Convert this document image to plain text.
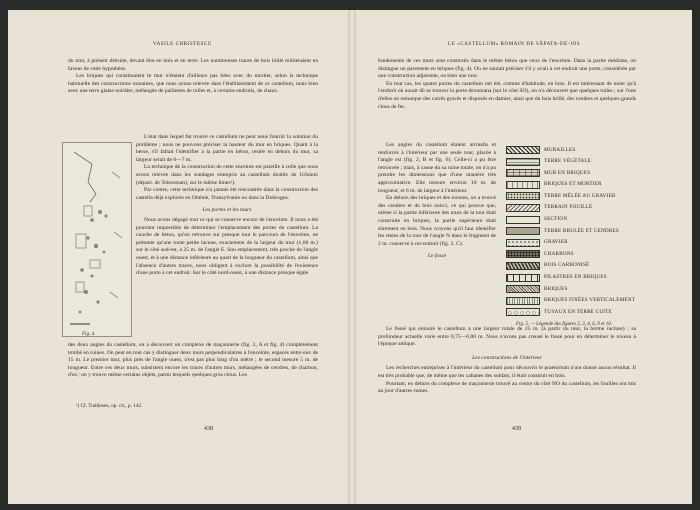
VASILE CHRISTESCU

du mur, à présent détruite, devant être en bois et en terre. Les nombreuses traces de bois brûlé militeraient en faveur de cette hypothèse.

Les briques qui constituaient le mur n'étaient d'ailleurs pas liées avec du mortier, selon la technique habituelle des constructions romaines, que nous avons relevée dans l'établissement de ce castellum, mais bien avec une terre glaise noirâtre, mélangée de paillettes de tuiles et, à certains endroits, de chaux.

L'état dans lequel fut trouvé ce castellum ne peut nous fournir la solution du problème ; nous ne pouvons préciser la hauteur du mur en briques. Quant à la herse, s'il fallait l'identifier à la partie en béton, restée en dehors du mur, sa largeur serait de 6—7 m.

La technique de la construction de cette enceinte est pareille à celle que nous avons relevée dans les sondages entrepris au castellum double de Urluieni (départ. de Teleorman), sur le même limes¹).

Par contre, cette technique n'a jamais été rencontrée dans la construction des castella déjà explorés en Olténie, Transylvanie ou dans la Dobrogea.

Les portes et les tours

Nous avons dégagé tout ce qui se conserve encore de l'enceinte. Il nous a été pourtant impossible de déterminer l'emplacement des portes du castellum. La couche de béton, qu'on retrouve sur presque tout le parcours de l'enceinte, ne présente qu'une toute petite lacune, exactement de la largeur du mur (1,60 m.) sur le côté sud-est, à 25 m. de l'angle E. Son emplacement, très proche de l'angle ouest, et à une distance inférieure au quart de la longueur du castellum, ainsi que l'absence d'autres traces, nous obligent à exclure la possibilité de l'existence d'une porte à cet endroit. Sur le côté nord-ouest, à une distance presque égale

Fig. 4.

des deux angles du castellum, on a découvert un complexe de maçonnerie (fig. 2, A et fig. 4) complètement tombé en ruines. On peut en tout cas y distinguer deux murs perpendiculaires à l'enceinte, espacés entre eux de 15 m. Le premier mur, plus près de l'angle ouest, n'est pas plus long d'un mètre ; le second mesure 5 m. de longueur. Entre ces deux murs, subsistent encore les traces d'autres murs, mélangées de cendres, de charbon, d'os ; on y trouve même certains objets, parmi lesquels quelques gros clous. Les

¹) Cf. Tudileseu, op. cit., p. 142.
438
LE «CASTELLUM» ROMAIN DE SĂPATA-DE-JOS

fondements de ces murs sont construits dans le même béton que ceux de l'enceinte. Dans la partie médiane, on distingue un pavement en briques (fig. 4). On ne saurait préciser s'il y avait à cet endroit une porte, considérée par une construction adjacente, ou bien une tour.

En tout cas, les quatre portes du castellum ont été, comme d'habitude, en bois. Il est intéressant de noter qu'à l'endroit où aurait dû se trouver la porte dexumana (sur le côté SO), on n'a découvert que quelques tuiles ; sur l'une d'elles on remarque des carrés gravés et disposés en damier, ainsi que du bois brûlé, des cendres et quelques grands clous de fer.

Les angles du castellum étaient arrondis et renforcés à l'intérieur par une seule tour, placée à l'angle est (fig. 2, B et fig. 6). Celle-ci a pu être retrouvée ; mais, à cause du sa ruine totale, on n'a pu prendre les dimensions que d'une manière très approximative. Elle mesure environ 10 m. de longueur, et 6 m. de largeur à l'intérieur.

En dehors des briques et des torsons, on a trouvé des cendres et du bois noirci, ce qui prouve que, même si la partie inférieure des murs de la tour était construite en briques, la partie supérieure était sûrement en bois. Nous croyons qu'il faut identifier les restes de la tour de l'angle N dans le fragment de 2 m. conservé à cet endroit (fig. 2, C).

Le fossé

Le fossé qui entoure le castellum a une largeur totale de 25 m. (à partir du mur, la berme incluse) ; sa profondeur actuelle varie entre 0,75—0,80 m. Nous n'avons pas creusé le fossé pour en déterminer le niveau à l'époque antique.

Les constructions de l'intérieur

Les recherches entreprises à l'intérieur du castellum pour découvrir le praetorium n'ont donné aucun résultat. Il est très probable que, de même que les cabanes des soldats, il était construit en bois.

Pourtant, en dehors du complexe de maçonnerie trouvé au centre du côté NO du castellum, les fouilles ont mis au jour d'autres ruines.

Fig. 5. — Légende des figures 2, 3, 4, 6, 9 et 10.
439
MURAILLES
TERRE VÉGÉTALE
MUR EN BRIQUES
BRIQUES ET MORTIER
TERRE MÊLÉE AU GRAVIER
TERRAIN FOUILLÉ
SECTION
TERRE BRULÉE ET CENDRES
GRAVIER
CHARBONS
BOIS CARBONISÉ
PILASTRES EN BRIQUES
BRIQUES
BRIQUES FIXÉES VERTICALEMENT
TUYAUX EN TERRE CUITE
